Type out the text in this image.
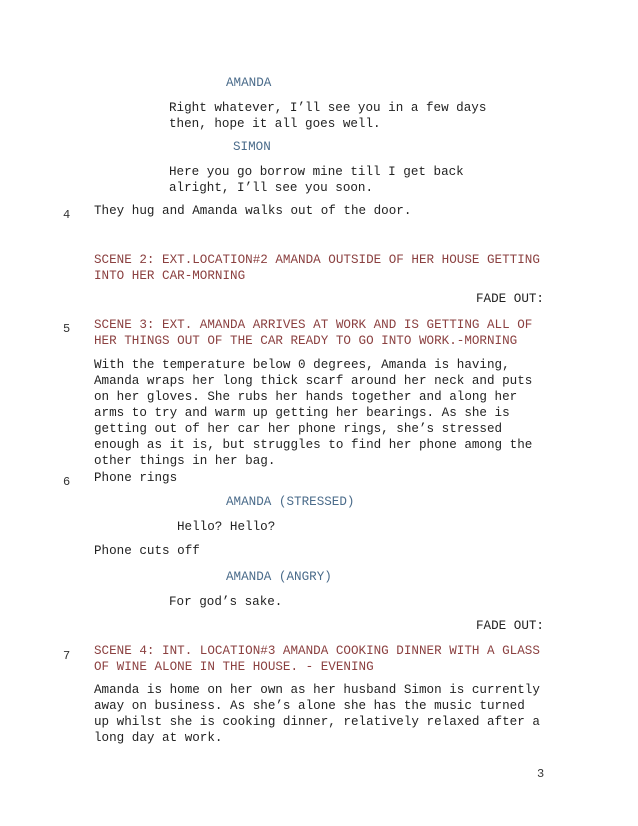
AMANDA
Right whatever, I’ll see you in a few days
then, hope it all goes well.
SIMON
Here you go borrow mine till I get back
alright, I’ll see you soon.
4 They hug and Amanda walks out of the door.
SCENE 2: EXT.LOCATION#2 AMANDA OUTSIDE OF HER HOUSE GETTING
INTO HER CAR-MORNING
FADE OUT:
5 SCENE 3: EXT. AMANDA ARRIVES AT WORK AND IS GETTING ALL OF
HER THINGS OUT OF THE CAR READY TO GO INTO WORK.-MORNING
With the temperature below 0 degrees, Amanda is having,
Amanda wraps her long thick scarf around her neck and puts
on her gloves. She rubs her hands together and along her
arms to try and warm up getting her bearings. As she is
getting out of her car her phone rings, she’s stressed
enough as it is, but struggles to find her phone among the
other things in her bag.
6 Phone rings
AMANDA (STRESSED)
Hello? Hello?
Phone cuts off
AMANDA (ANGRY)
For god’s sake.
FADE OUT:
7 SCENE 4: INT. LOCATION#3 AMANDA COOKING DINNER WITH A GLASS
OF WINE ALONE IN THE HOUSE. - EVENING
Amanda is home on her own as her husband Simon is currently
away on business. As she’s alone she has the music turned
up whilst she is cooking dinner, relatively relaxed after a
long day at work.
3
